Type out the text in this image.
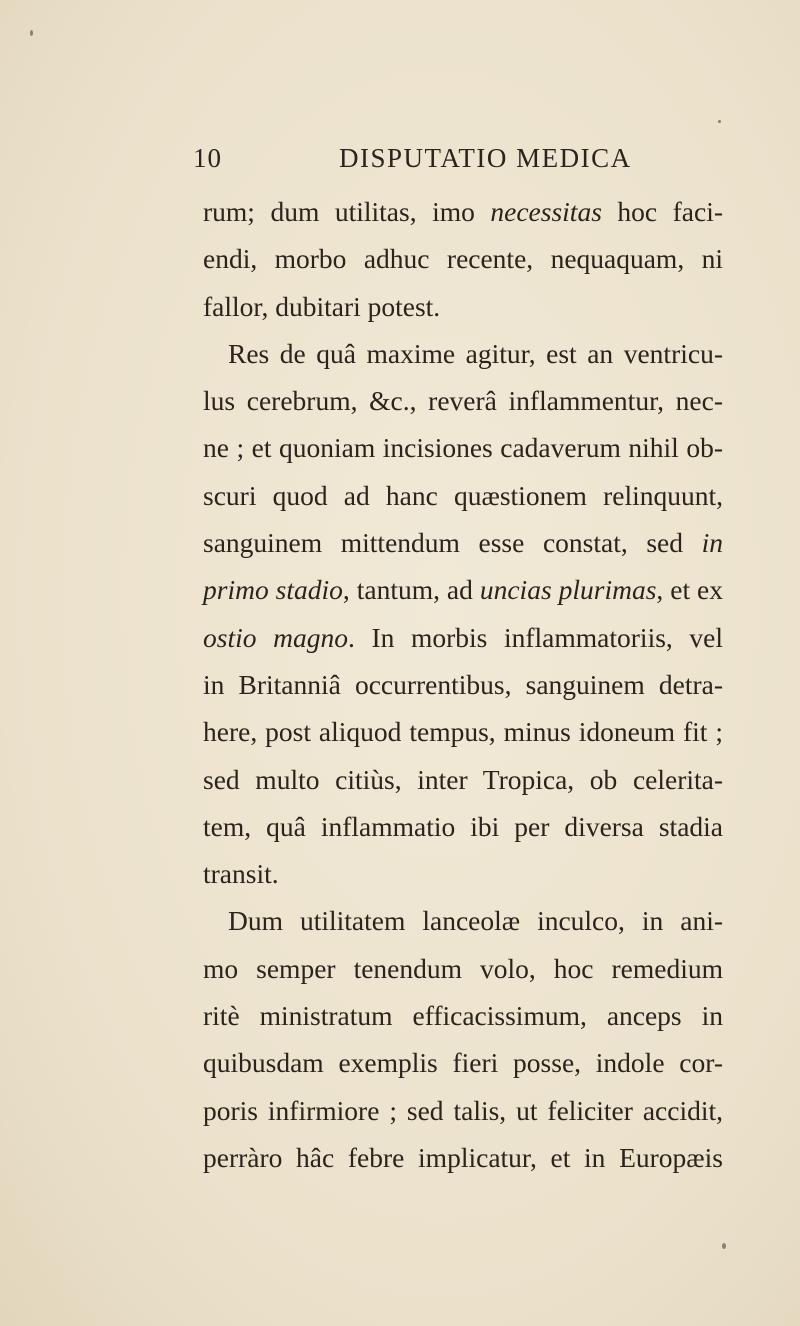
10	DISPUTATIO MEDICA
rum; dum utilitas, imo necessitas hoc faci-
endi, morbo adhuc recente, nequaquam, ni
fallor, dubitari potest.
Res de quâ maxime agitur, est an ventricu-
lus cerebrum, &c., reverâ inflammentur, nec-
ne ; et quoniam incisiones cadaverum nihil ob-
scuri quod ad hanc quæstionem relinquunt,
sanguinem mittendum esse constat, sed in
primo stadio, tantum, ad uncias plurimas, et ex
ostio magno. In morbis inflammatoriis, vel
in Britanniâ occurrentibus, sanguinem detra-
here, post aliquod tempus, minus idoneum fit ;
sed multo citiùs, inter Tropica, ob celerita-
tem, quâ inflammatio ibi per diversa stadia
transit.
Dum utilitatem lanceolæ inculco, in ani-
mo semper tenendum volo, hoc remedium
ritè ministratum efficacissimum, anceps in
quibusdam exemplis fieri posse, indole cor-
poris infirmiore ; sed talis, ut feliciter accidit,
perràro hâc febre implicatur, et in Europæis
